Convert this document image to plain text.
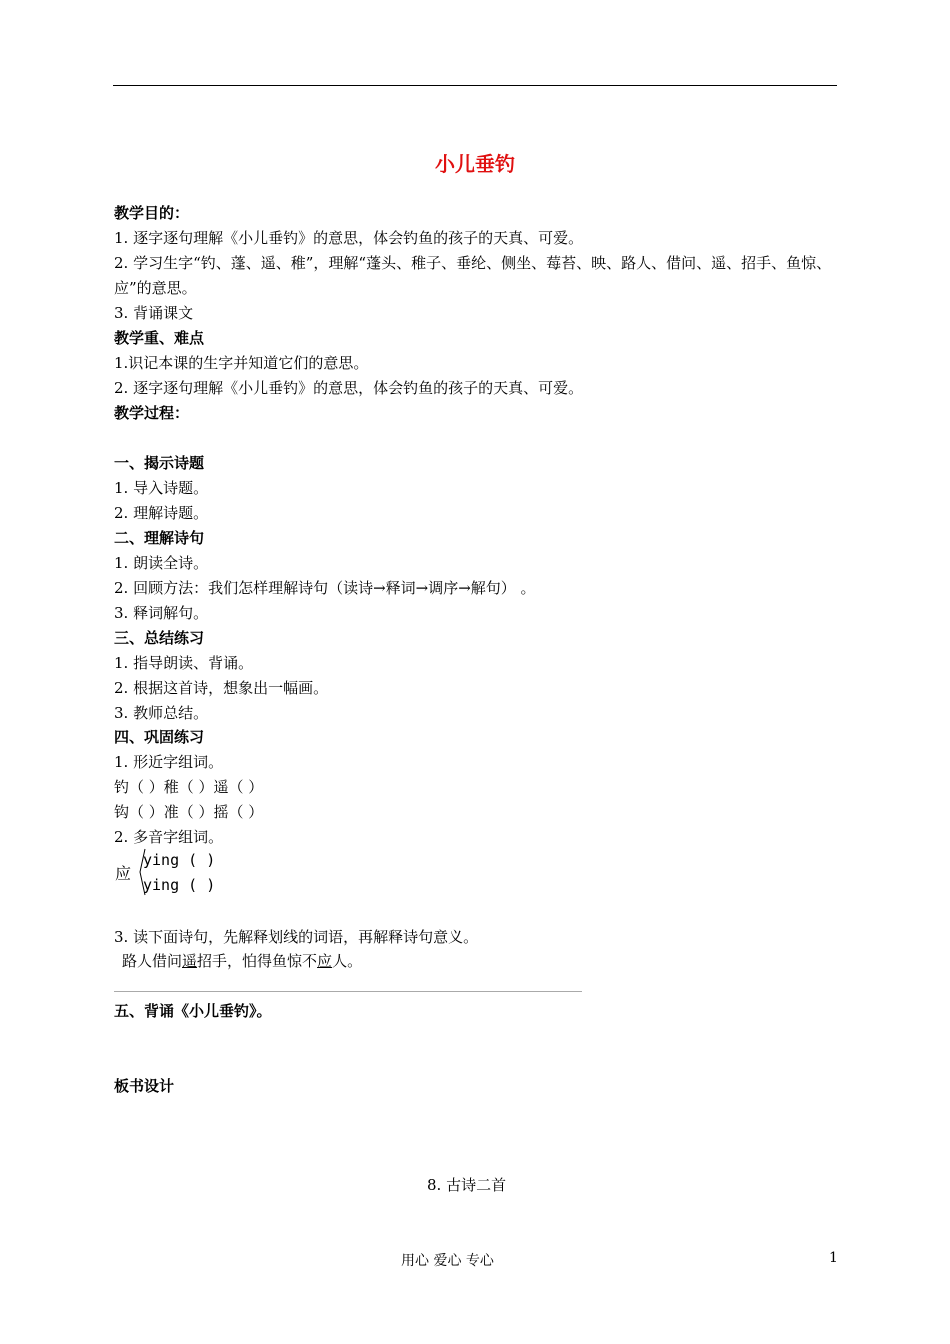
小儿垂钓
教学目的：
1. 逐字逐句理解《小儿垂钓》的意思，体会钓鱼的孩子的天真、可爱。
2. 学习生字“钓、蓬、遥、稚”，理解“蓬头、稚子、垂纶、侧坐、莓苔、映、路人、借问、遥、招手、鱼惊、
应”的意思。
3. 背诵课文
教学重、难点
1.识记本课的生字并知道它们的意思。
2. 逐字逐句理解《小儿垂钓》的意思，体会钓鱼的孩子的天真、可爱。
教学过程：
一、揭示诗题
1. 导入诗题。
2. 理解诗题。
二、理解诗句
1. 朗读全诗。
2. 回顾方法：我们怎样理解诗句（读诗→释词→调序→解句） 。
3. 释词解句。
三、总结练习
1. 指导朗读、背诵。
2. 根据这首诗，想象出一幅画。
3. 教师总结。
四、巩固练习
1. 形近字组词。
钓（ ）稚（ ）遥（ ）
钩（ ）准（ ）摇（ ）
2. 多音字组词。
应
ying ( )
ying ( )
3. 读下面诗句，先解释划线的词语，再解释诗句意义。
路人借问遥招手，怕得鱼惊不应人。
五、背诵《小儿垂钓》。
板书设计
8. 古诗二首
用心 爱心 专心	1
